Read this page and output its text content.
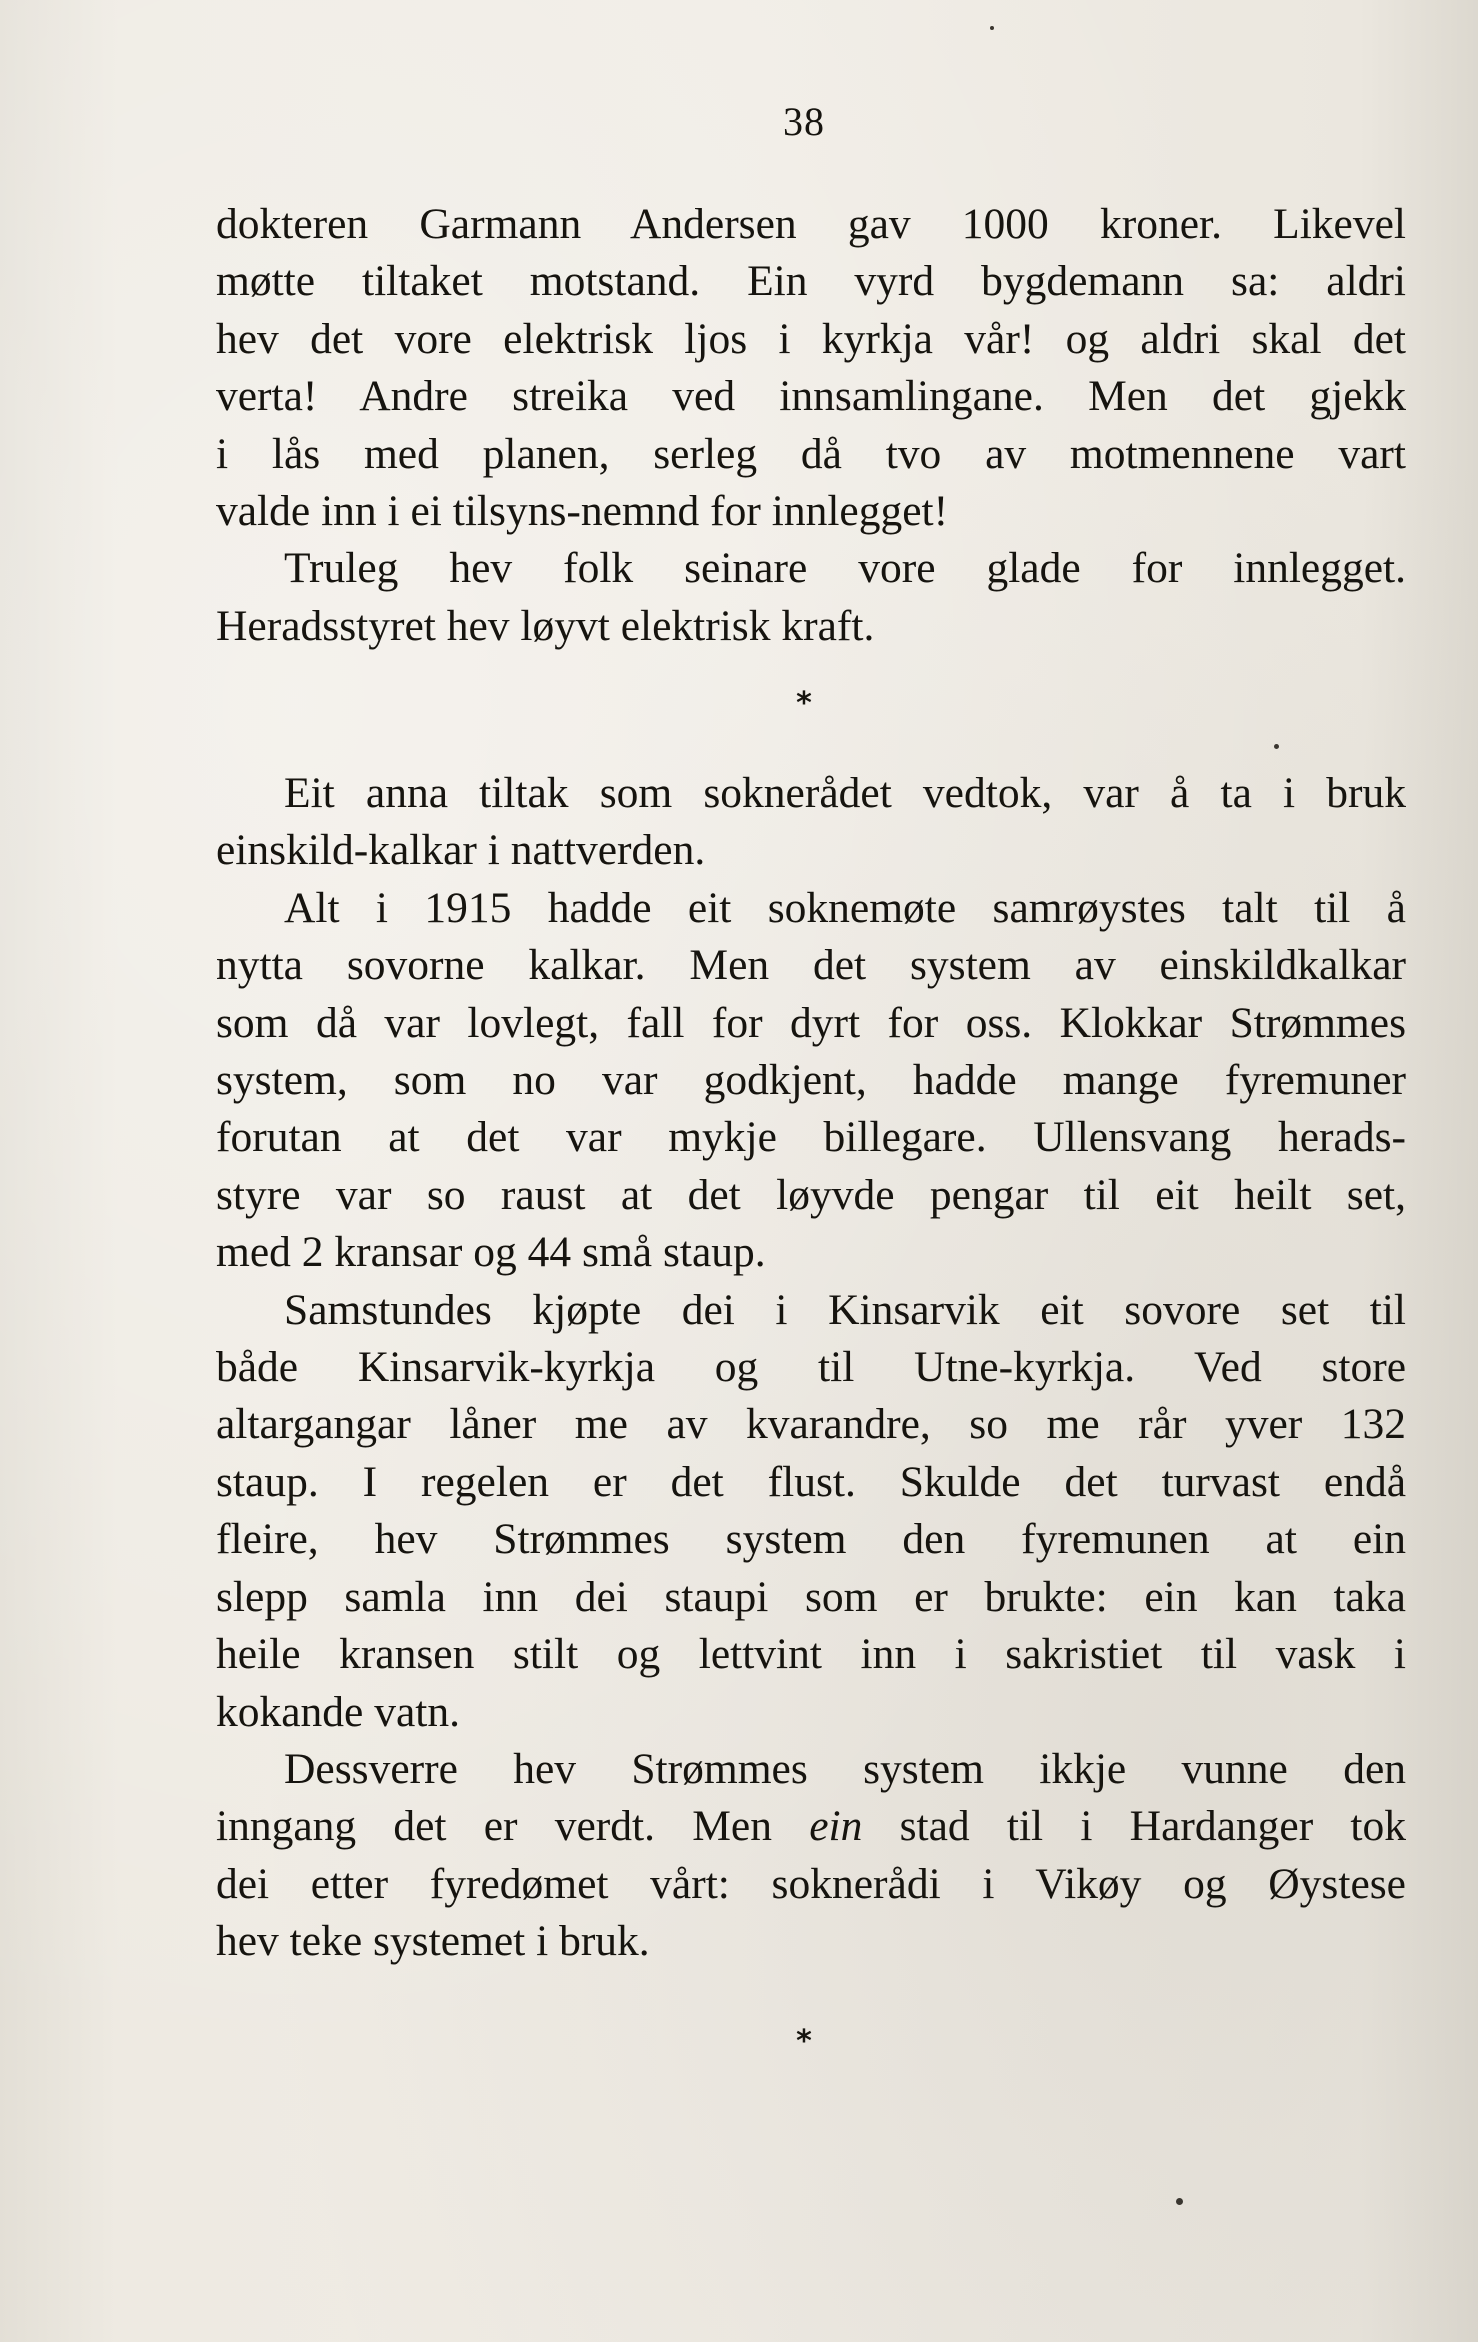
38
dokteren Garmann Andersen gav 1000 kroner. Likevel
møtte tiltaket motstand. Ein vyrd bygdemann sa: aldri
hev det vore elektrisk ljos i kyrkja vår! og aldri skal det
verta! Andre streika ved innsamlingane. Men det gjekk
i lås med planen, serleg då tvo av motmennene vart
valde inn i ei tilsyns-nemnd for innlegget!
Truleg hev folk seinare vore glade for innlegget.
Heradsstyret hev løyvt elektrisk kraft.
*
Eit anna tiltak som soknerådet vedtok, var å ta i bruk
einskild-kalkar i nattverden.
Alt i 1915 hadde eit soknemøte samrøystes talt til å
nytta sovorne kalkar. Men det system av einskildkalkar
som då var lovlegt, fall for dyrt for oss. Klokkar Strømmes
system, som no var godkjent, hadde mange fyremuner
forutan at det var mykje billegare. Ullensvang herads-
styre var so raust at det løyvde pengar til eit heilt set,
med 2 kransar og 44 små staup.
Samstundes kjøpte dei i Kinsarvik eit sovore set til
både Kinsarvik-kyrkja og til Utne-kyrkja. Ved store
altargangar låner me av kvarandre, so me rår yver 132
staup. I regelen er det flust. Skulde det turvast endå
fleire, hev Strømmes system den fyremunen at ein
slepp samla inn dei staupi som er brukte: ein kan taka
heile kransen stilt og lettvint inn i sakristiet til vask i
kokande vatn.
Dessverre hev Strømmes system ikkje vunne den
inngang det er verdt. Men ein stad til i Hardanger tok
dei etter fyredømet vårt: soknerådi i Vikøy og Øystese
hev teke systemet i bruk.
*
